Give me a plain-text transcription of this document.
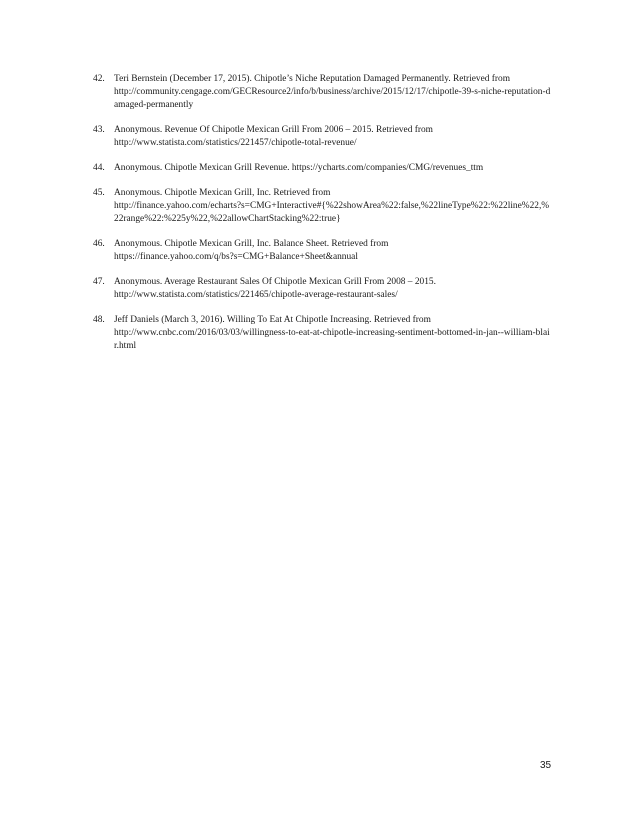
42. Teri Bernstein (December 17, 2015). Chipotle’s Niche Reputation Damaged Permanently. Retrieved from
http://community.cengage.com/GECResource2/info/b/business/archive/2015/12/17/chipotle-39-s-niche-reputation-damaged-permanently
43. Anonymous. Revenue Of Chipotle Mexican Grill From 2006 – 2015. Retrieved from
http://www.statista.com/statistics/221457/chipotle-total-revenue/
44. Anonymous. Chipotle Mexican Grill Revenue. https://ycharts.com/companies/CMG/revenues_ttm
45. Anonymous. Chipotle Mexican Grill, Inc. Retrieved from
http://finance.yahoo.com/echarts?s=CMG+Interactive#{%22showArea%22:false,%22lineType%22:%22line%22,%22range%22:%225y%22,%22allowChartStacking%22:true}
46. Anonymous. Chipotle Mexican Grill, Inc. Balance Sheet. Retrieved from
https://finance.yahoo.com/q/bs?s=CMG+Balance+Sheet&annual
47. Anonymous. Average Restaurant Sales Of Chipotle Mexican Grill From 2008 – 2015.
http://www.statista.com/statistics/221465/chipotle-average-restaurant-sales/
48. Jeff Daniels (March 3, 2016). Willing To Eat At Chipotle Increasing. Retrieved from
http://www.cnbc.com/2016/03/03/willingness-to-eat-at-chipotle-increasing-sentiment-bottomed-in-jan--william-blair.html
35
